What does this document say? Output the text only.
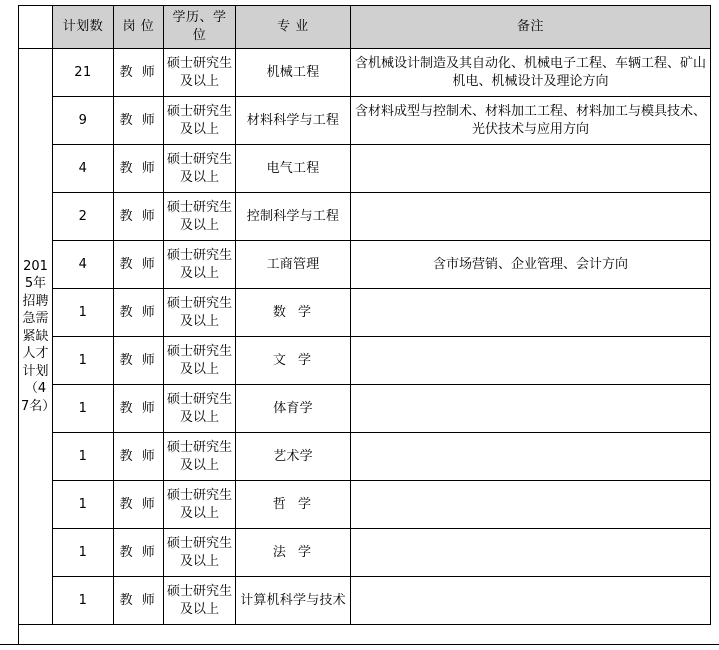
	计划数	岗 位	学历、学位	专 业	备注
2015年招聘急需紧缺人才计划（47名）	21	教 师	硕士研究生及以上	机械工程	含机械设计制造及其自动化、机械电子工程、车辆工程、矿山机电、机械设计及理论方向
	9	教 师	硕士研究生及以上	材料科学与工程	含材料成型与控制术、材料加工工程、材料加工与模具技术、光伏技术与应用方向
	4	教 师	硕士研究生及以上	电气工程	
	2	教 师	硕士研究生及以上	控制科学与工程	
	4	教 师	硕士研究生及以上	工商管理	含市场营销、企业管理、会计方向
	1	教 师	硕士研究生及以上	数 学	
	1	教 师	硕士研究生及以上	文 学	
	1	教 师	硕士研究生及以上	体育学	
	1	教 师	硕士研究生及以上	艺术学	
	1	教 师	硕士研究生及以上	哲 学	
	1	教 师	硕士研究生及以上	法 学	
	1	教 师	硕士研究生及以上	计算机科学与技术	
